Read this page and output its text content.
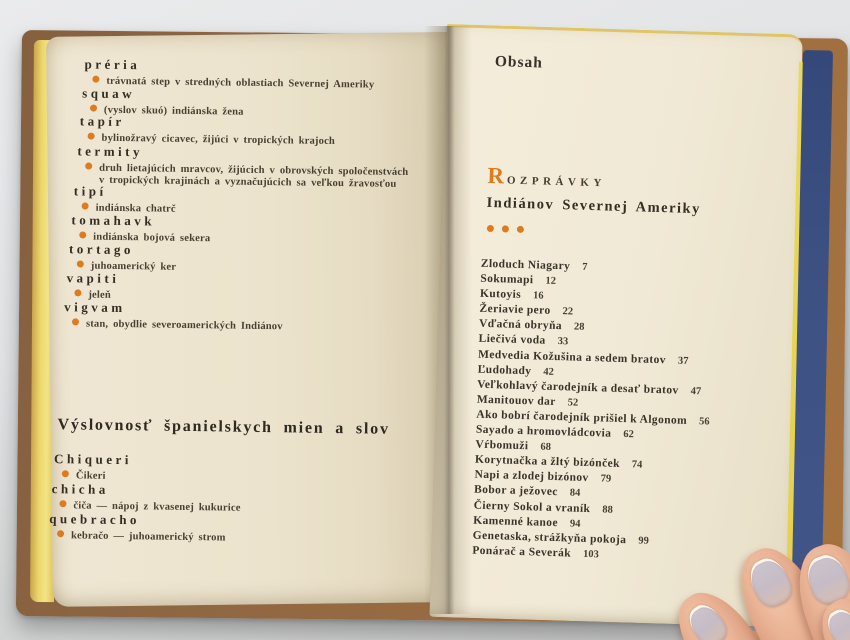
préria
trávnatá step v stredných oblastiach Severnej Ameriky
squaw
(vyslov skuó) indiánska žena
tapír
bylinožravý cicavec, žijúci v tropických krajoch
termity
druh lietajúcich mravcov, žijúcich v obrovských spoločenstvách
v tropických krajinách a vyznačujúcich sa veľkou žravosťou
tipí
indiánska chatrč
tomahavk
indiánska bojová sekera
tortago
juhoamerický ker
vapiti
jeleň
vigvam
stan, obydlie severoamerických Indiánov
Výslovnosť španielskych mien a slov
Chiqueri
Čikeri
chicha
čiča — nápoj z kvasenej kukurice
quebracho
kebračo — juhoamerický strom
Obsah
ROZPRÁVKY
Indiánov Severnej Ameriky
Zloduch Niagary 7
Sokumapi 12
Kutoyis 16
Žeriavie pero 22
Vďačná obryňa 28
Liečivá voda 33
Medvedia Kožušina a sedem bratov 37
Ľudohady 42
Veľkohlavý čarodejník a desať bratov 47
Manitouov dar 52
Ako bobrí čarodejník prišiel k Algonom 56
Sayado a hromovládcovia 62
Vŕbomuži 68
Korytnačka a žltý bizónček 74
Napi a zlodej bizónov 79
Bobor a ježovec 84
Čierny Sokol a vraník 88
Kamenné kanoe 94
Genetaska, strážkyňa pokoja 99
Ponárač a Severák 103
